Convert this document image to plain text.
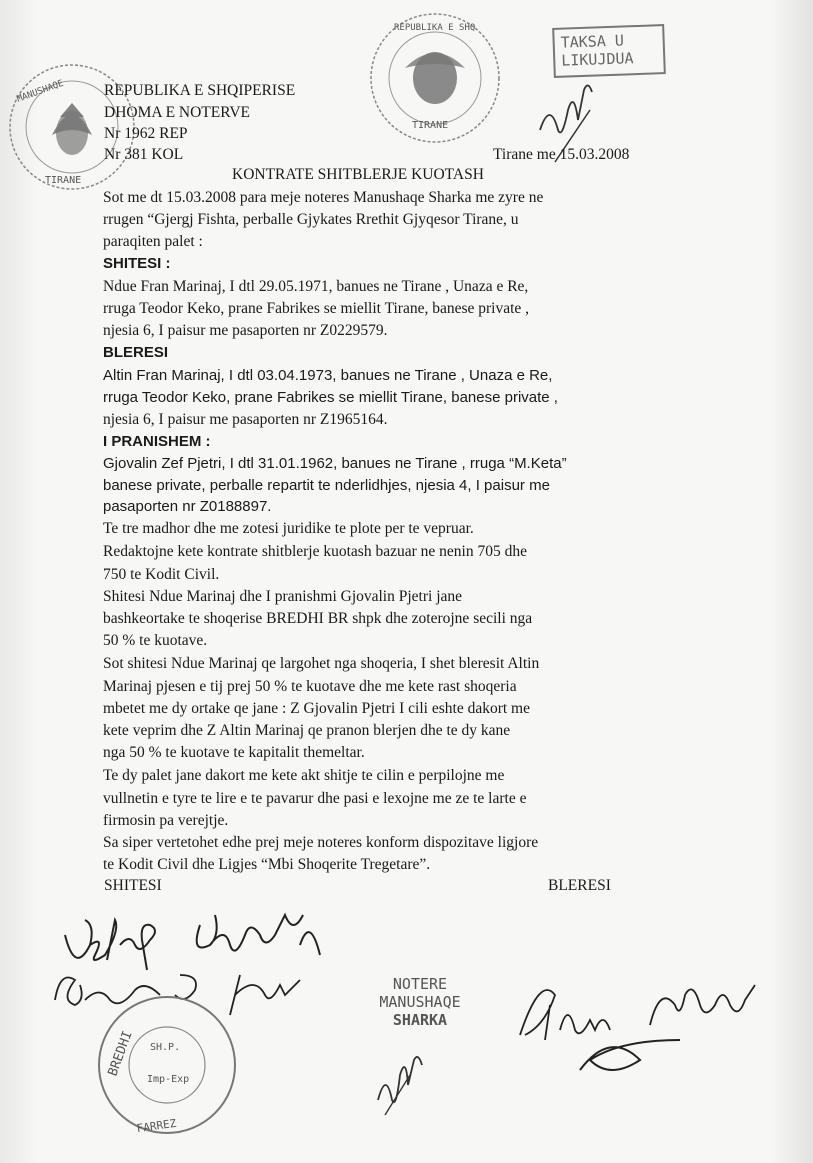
MANUSHAQE
TIRANE
REPUBLIKA E SHQ
TIRANE
TAKSA U
LIKUJDUA
REPUBLIKA E SHQIPERISE
DHOMA E NOTERVE
Nr 1962 REP
Nr 381 KOL	Tirane me 15.03.2008
KONTRATE SHITBLERJE KUOTASH
Sot me dt 15.03.2008 para meje noteres Manushaqe Sharka me zyre ne
rrugen “Gjergj Fishta, perballe Gjykates Rrethit Gjyqesor Tirane, u
paraqiten palet :
SHITESI :
Ndue Fran Marinaj, I dtl 29.05.1971, banues ne Tirane , Unaza e Re,
rruga Teodor Keko, prane Fabrikes se miellit Tirane, banese private ,
njesia 6, I paisur me pasaporten nr Z0229579.
BLERESI
Altin Fran Marinaj, I dtl 03.04.1973, banues ne Tirane , Unaza e Re,
rruga Teodor Keko, prane Fabrikes se miellit Tirane, banese private ,
njesia 6, I paisur me pasaporten nr Z1965164.
I PRANISHEM :
Gjovalin Zef Pjetri, I dtl 31.01.1962, banues ne Tirane , rruga “M.Keta”
banese private, perballe repartit te nderlidhjes, njesia 4, I paisur me
pasaporten nr Z0188897.
Te tre madhor dhe me zotesi juridike te plote per te vepruar.
Redaktojne kete kontrate shitblerje kuotash bazuar ne nenin 705 dhe
750 te Kodit Civil.
Shitesi Ndue Marinaj dhe I pranishmi Gjovalin Pjetri jane
bashkeortake te shoqerise BREDHI BR shpk dhe zoterojne secili nga
50 % te kuotave.
Sot shitesi Ndue Marinaj qe largohet nga shoqeria, I shet bleresit Altin
Marinaj pjesen e tij prej 50 % te kuotave dhe me kete rast shoqeria
mbetet me dy ortake qe jane : Z Gjovalin Pjetri I cili eshte dakort me
kete veprim dhe Z Altin Marinaj qe pranon blerjen dhe te dy kane
nga 50 % te kuotave te kapitalit themeltar.
Te dy palet jane dakort me kete akt shitje te cilin e perpilojne me
vullnetin e tyre te lire e te pavarur dhe pasi e lexojne me ze te larte e
firmosin pa verejtje.
Sa siper vertetohet edhe prej meje noteres konform dispozitave ligjore
te Kodit Civil dhe Ligjes “Mbi Shoqerite Tregetare”.
SHITESI	BLERESI
BREDHI SH.P.
Imp-Exp
FARREZ
NOTERE
MANUSHAQE
SHARKA
